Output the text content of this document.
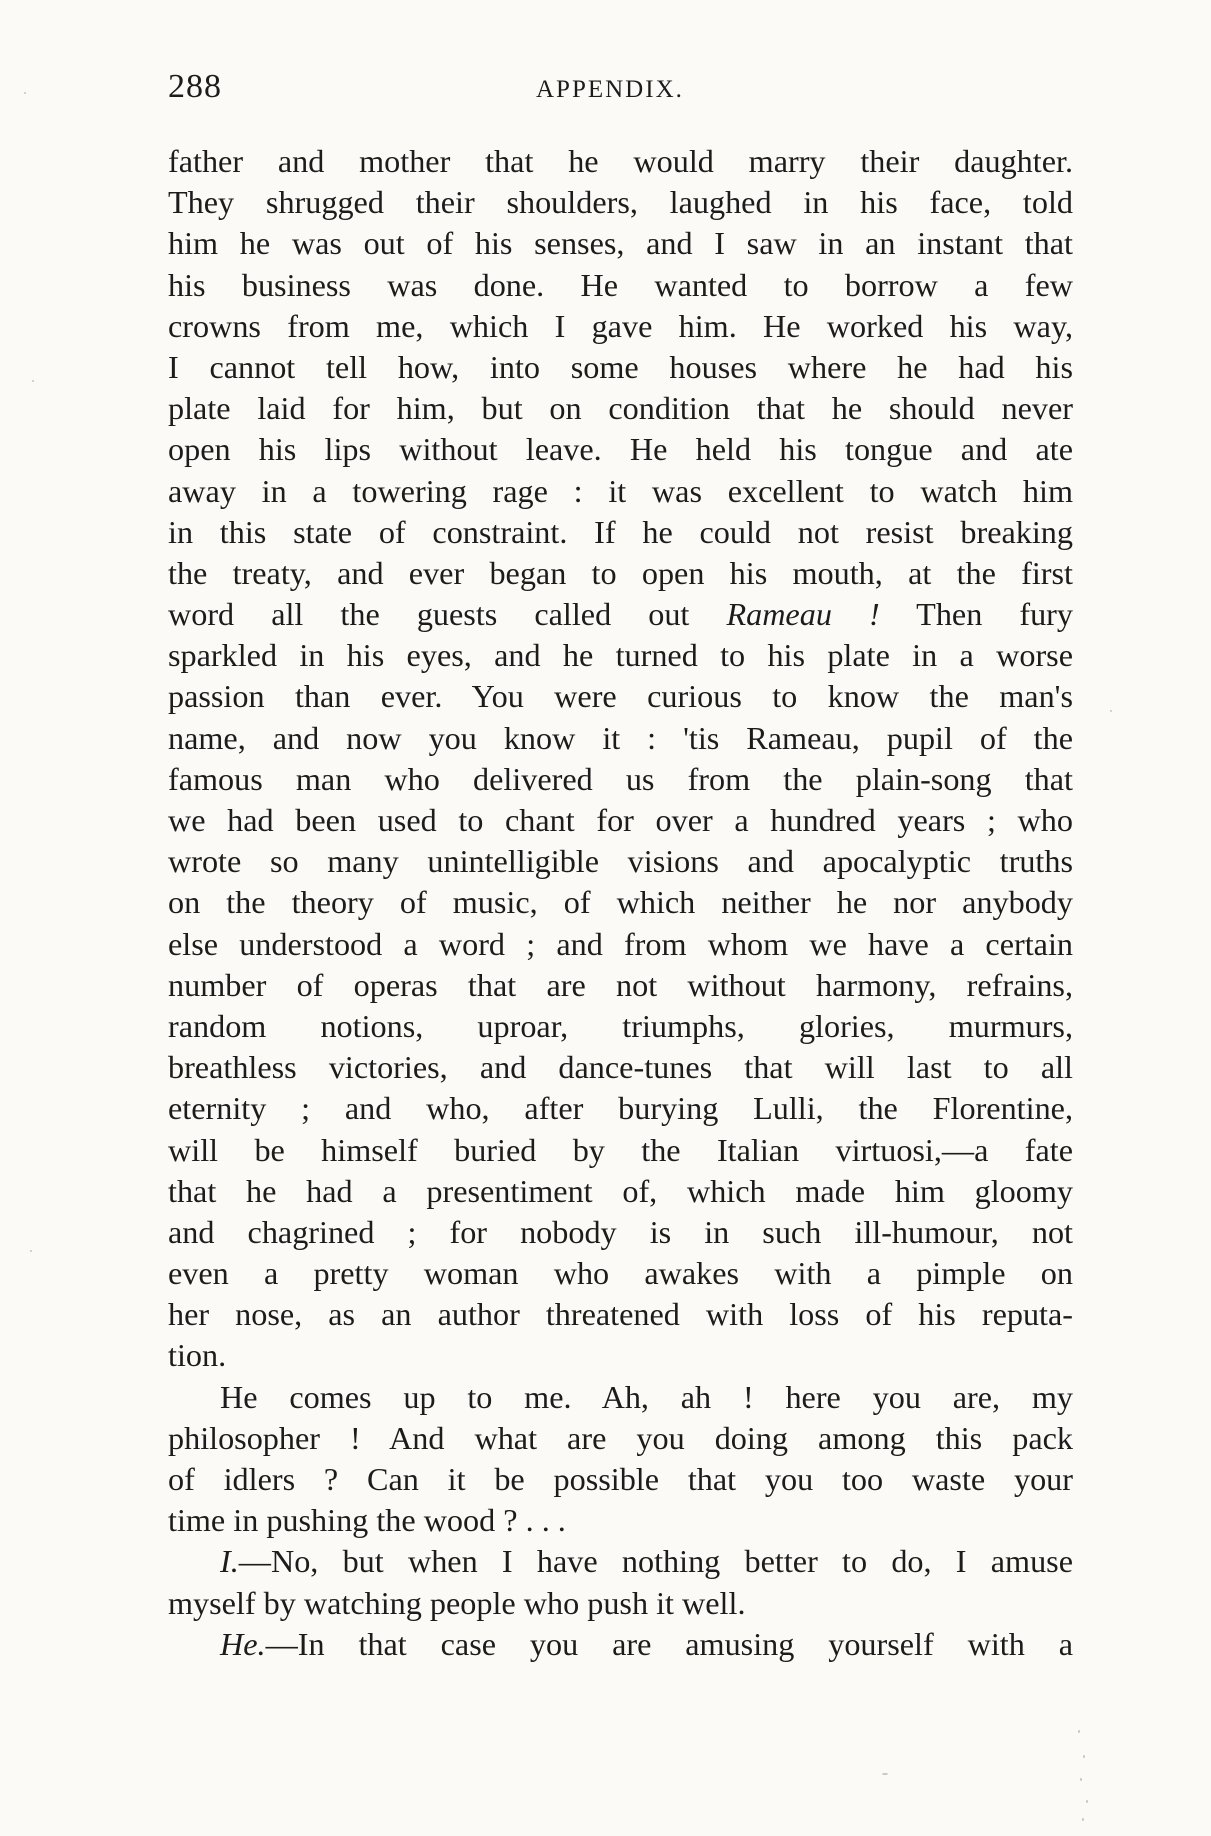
288	APPENDIX.
father and mother that he would marry their daughter.
They shrugged their shoulders, laughed in his face, told
him he was out of his senses, and I saw in an instant that
his business was done. He wanted to borrow a few
crowns from me, which I gave him. He worked his way,
I cannot tell how, into some houses where he had his
plate laid for him, but on condition that he should never
open his lips without leave. He held his tongue and ate
away in a towering rage : it was excellent to watch him
in this state of constraint. If he could not resist breaking
the treaty, and ever began to open his mouth, at the first
word all the guests called out Rameau ! Then fury
sparkled in his eyes, and he turned to his plate in a worse
passion than ever. You were curious to know the man's
name, and now you know it : 'tis Rameau, pupil of the
famous man who delivered us from the plain-song that
we had been used to chant for over a hundred years ; who
wrote so many unintelligible visions and apocalyptic truths
on the theory of music, of which neither he nor anybody
else understood a word ; and from whom we have a certain
number of operas that are not without harmony, refrains,
random notions, uproar, triumphs, glories, murmurs,
breathless victories, and dance-tunes that will last to all
eternity ; and who, after burying Lulli, the Florentine,
will be himself buried by the Italian virtuosi,—a fate
that he had a presentiment of, which made him gloomy
and chagrined ; for nobody is in such ill-humour, not
even a pretty woman who awakes with a pimple on
her nose, as an author threatened with loss of his reputa-
tion.
He comes up to me. Ah, ah ! here you are, my
philosopher ! And what are you doing among this pack
of idlers ? Can it be possible that you too waste your
time in pushing the wood ? . . .
I.—No, but when I have nothing better to do, I amuse
myself by watching people who push it well.
He.—In that case you are amusing yourself with a
